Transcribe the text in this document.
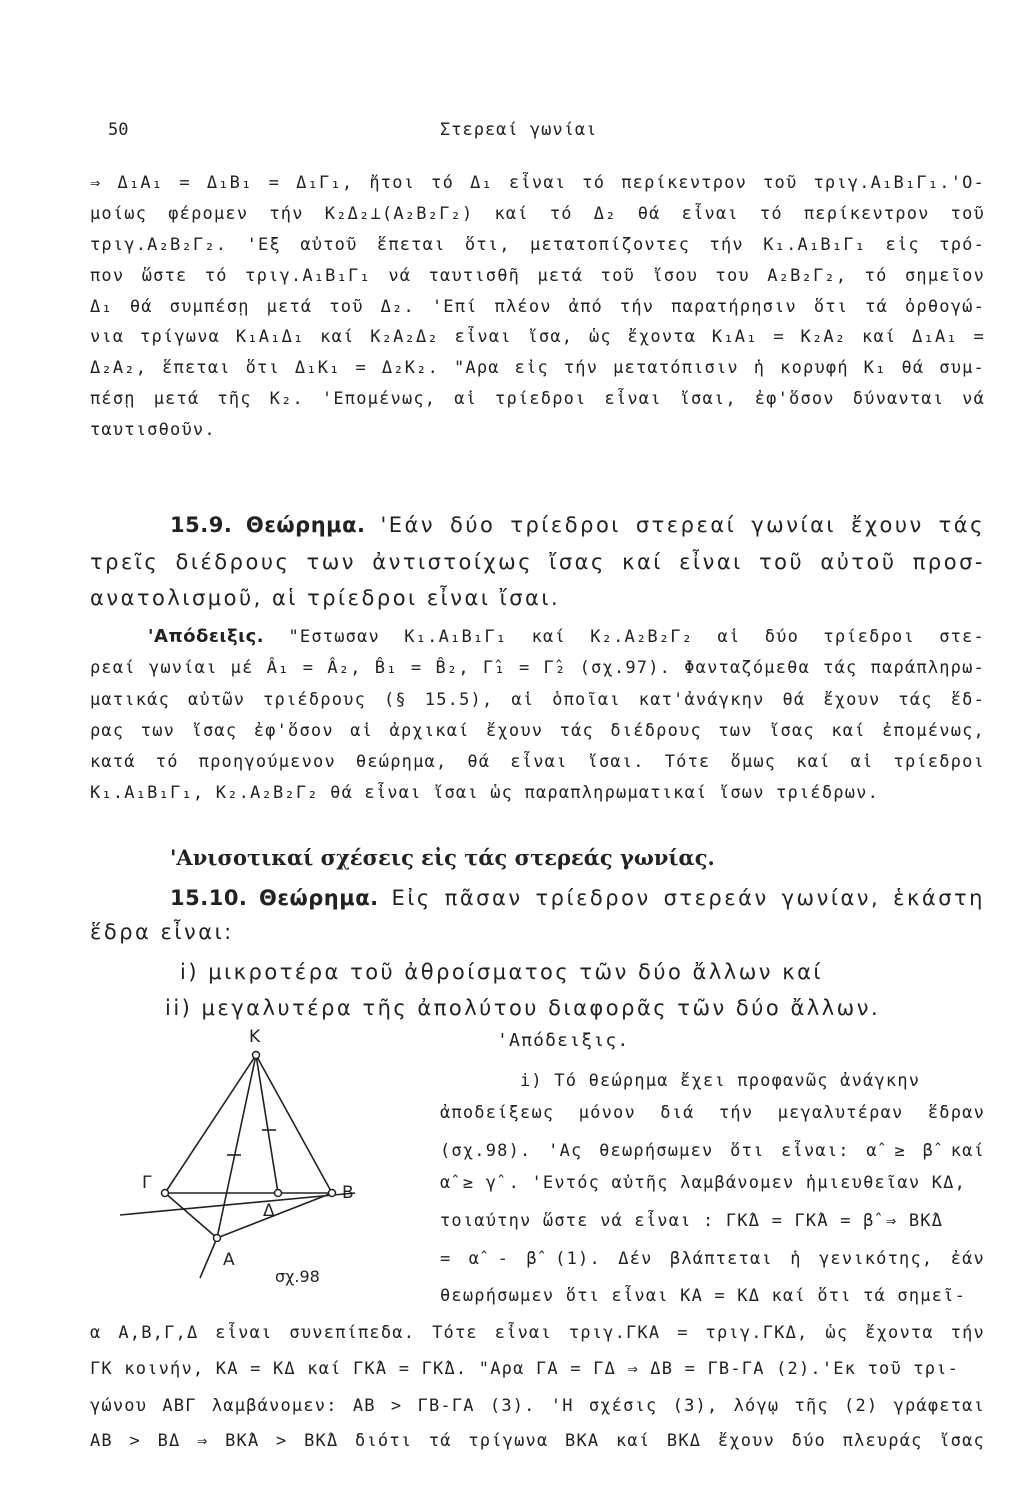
50	Στερεαί γωνίαι
⇒ Δ₁Α₁ = Δ₁Β₁ = Δ₁Γ₁, ἤτοι τό Δ₁ εἶναι τό περίκεντρον τοῦ τριγ.Α₁Β₁Γ₁.'Ο-
μοίως φέρομεν τήν Κ₂Δ₂⊥(Α₂Β₂Γ₂) καί τό Δ₂ θά εἶναι τό περίκεντρον τοῦ
τριγ.Α₂Β₂Γ₂. 'Εξ αὐτοῦ ἕπεται ὅτι, μετατοπίζοντες τήν Κ₁.Α₁Β₁Γ₁ εἰς τρό-
πον ὥστε τό τριγ.Α₁Β₁Γ₁ νά ταυτισθῆ μετά τοῦ ἴσου του Α₂Β₂Γ₂, τό σημεῖον
Δ₁ θά συμπέσῃ μετά τοῦ Δ₂. 'Επί πλέον ἀπό τήν παρατήρησιν ὅτι τά ὀρθογώ-
νια τρίγωνα Κ₁Α₁Δ₁ καί Κ₂Α₂Δ₂ εἶναι ἴσα, ὡς ἔχοντα Κ₁Α₁ = Κ₂Α₂ καί Δ₁Α₁ =
Δ₂Α₂, ἕπεται ὅτι Δ₁Κ₁ = Δ₂Κ₂. "Αρα εἰς τήν μετατόπισιν ἡ κορυφή Κ₁ θά συμ-
πέσῃ μετά τῆς Κ₂. 'Επομένως, αἱ τρίεδροι εἶναι ἴσαι, ἐφ'ὅσον δύνανται νά
ταυτισθοῦν.
15.9. Θεώρημα. 'Εάν δύο τρίεδροι στερεαί γωνίαι ἔχουν τάς
τρεῖς διέδρους των ἀντιστοίχως ἴσας καί εἶναι τοῦ αὐτοῦ προσ-
ανατολισμοῦ, αἱ τρίεδροι εἶναι ἴσαι.
'Απόδειξις. "Εστωσαν Κ₁.Α₁Β₁Γ₁ καί Κ₂.Α₂Β₂Γ₂ αἱ δύο τρίεδροι στε-
ρεαί γωνίαι μέ Â₁ = Â₂, B̂₁ = B̂₂, Γ̂₁ = Γ̂₂ (σχ.97). Φανταζόμεθα τάς παράπληρω-
ματικάς αὐτῶν τριέδρους (§ 15.5), αἱ ὁποῖαι κατ'ἀνάγκην θά ἔχουν τάς ἕδ-
ρας των ἴσας ἐφ'ὅσον αἱ ἀρχικαί ἔχουν τάς διέδρους των ἴσας καί ἐπομένως,
κατά τό προηγούμενον θεώρημα, θά εἶναι ἴσαι. Τότε ὅμως καί αἱ τρίεδροι
Κ₁.Α₁Β₁Γ₁, Κ₂.Α₂Β₂Γ₂ θά εἶναι ἴσαι ὡς παραπληρωματικαί ἴσων τριέδρων.
'Ανισοτικαί σχέσεις εἰς τάς στερεάς γωνίας.
15.10. Θεώρημα. Εἰς πᾶσαν τρίεδρον στερεάν γωνίαν, ἑκάστη
ἕδρα εἶναι:
i) μικροτέρα τοῦ ἀθροίσματος τῶν δύο ἄλλων καί
ii) μεγαλυτέρα τῆς ἀπολύτου διαφορᾶς τῶν δύο ἄλλων.
'Απόδειξις.
i) Τό θεώρημα ἔχει προφανῶς ἀνάγκην
ἀποδείξεως μόνον διά τήν μεγαλυτέραν ἕδραν
(σχ.98). 'Ας θεωρήσωμεν ὅτι εἶναι: α̂ ≥ β̂ καί
α̂ ≥ γ̂ . 'Εντός αὐτῆς λαμβάνομεν ἡμιευθεῖαν ΚΔ,
τοιαύτην ὥστε νά εἶναι : ΓΚ̂Δ = ΓΚ̂Α = β̂ ⇒ ΒΚ̂Δ
= α̂ - β̂ (1). Δέν βλάπτεται ἡ γενικότης, ἐάν
θεωρήσωμεν ὅτι εἶναι ΚΑ = ΚΔ καί ὅτι τά σημεῖ-
α Α,Β,Γ,Δ εἶναι συνεπίπεδα. Τότε εἶναι τριγ.ΓΚΑ = τριγ.ΓΚΔ, ὡς ἔχοντα τήν
ΓΚ κοινήν, ΚΑ = ΚΔ καί ΓΚ̂Α = ΓΚ̂Δ. "Αρα ΓΑ = ΓΔ ⇒ ΔΒ = ΓΒ-ΓΑ (2).'Εκ τοῦ τρι-
γώνου ΑΒΓ λαμβάνομεν: ΑΒ > ΓΒ-ΓΑ (3). 'Η σχέσις (3), λόγῳ τῆς (2) γράφεται
ΑΒ > ΒΔ ⇒ ΒΚ̂Α > ΒΚ̂Δ διότι τά τρίγωνα ΒΚΑ καί ΒΚΔ ἔχουν δύο πλευράς ἴσας
K
Γ	B
Δ
A
σχ.98
